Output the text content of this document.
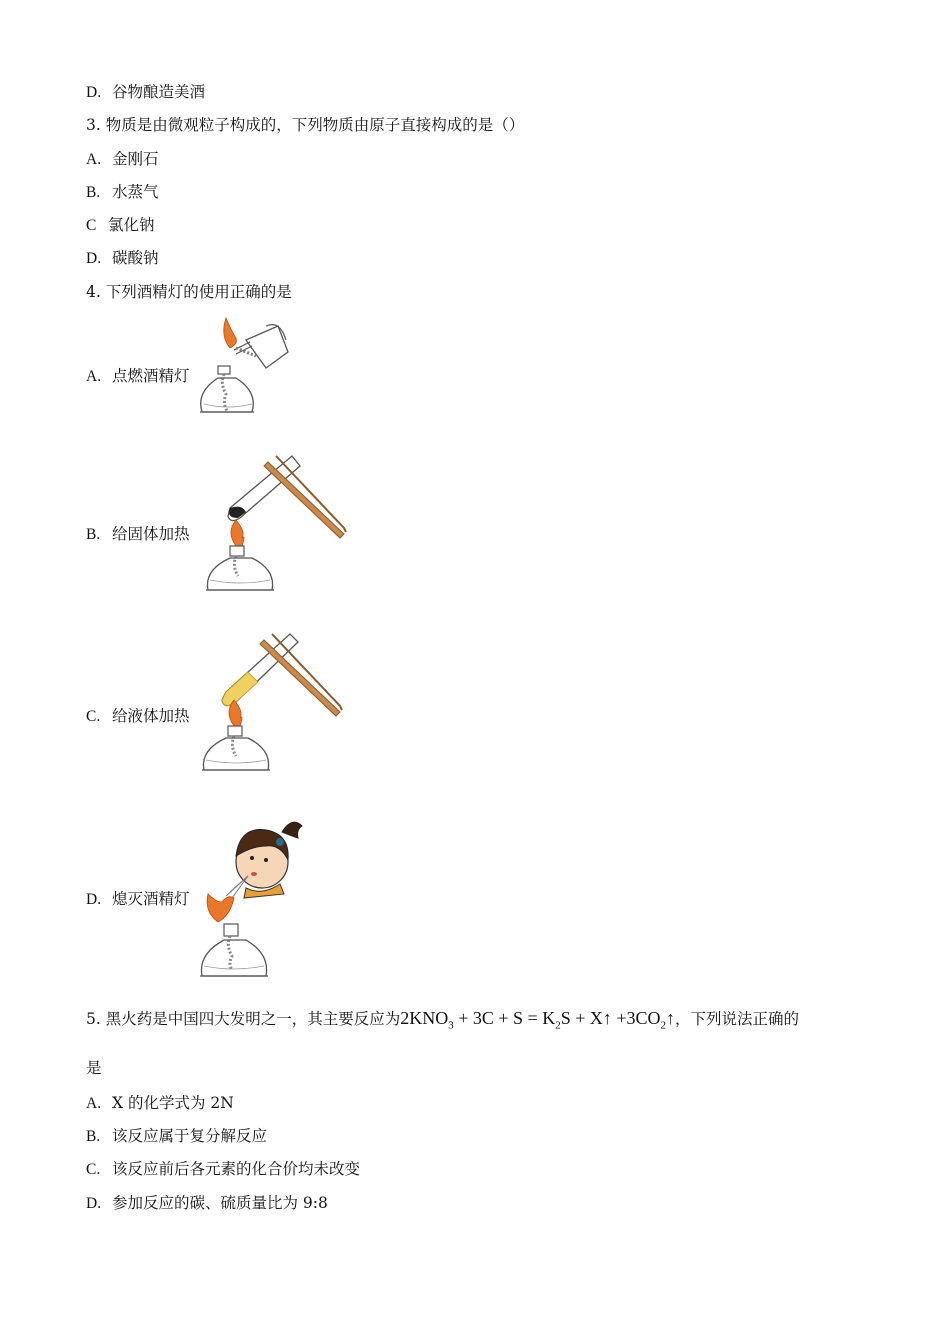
D. 谷物酿造美酒
3. 物质是由微观粒子构成的，下列物质由原子直接构成的是（）
A. 金刚石
B. 水蒸气
C 氯化钠
D. 碳酸钠
4. 下列酒精灯的使用正确的是
A. 点燃酒精灯
B. 给固体加热
C. 给液体加热
D. 熄灭酒精灯
5. 黑火药是中国四大发明之一，其主要反应为$2KNO_3 + 3C + S = K_2S$ + X↑ $+3CO_2↑$，下列说法正确的
是
A. X 的化学式为 2N
B. 该反应属于复分解反应
C. 该反应前后各元素的化合价均未改变
D. 参加反应的碳、硫质量比为 9:8
